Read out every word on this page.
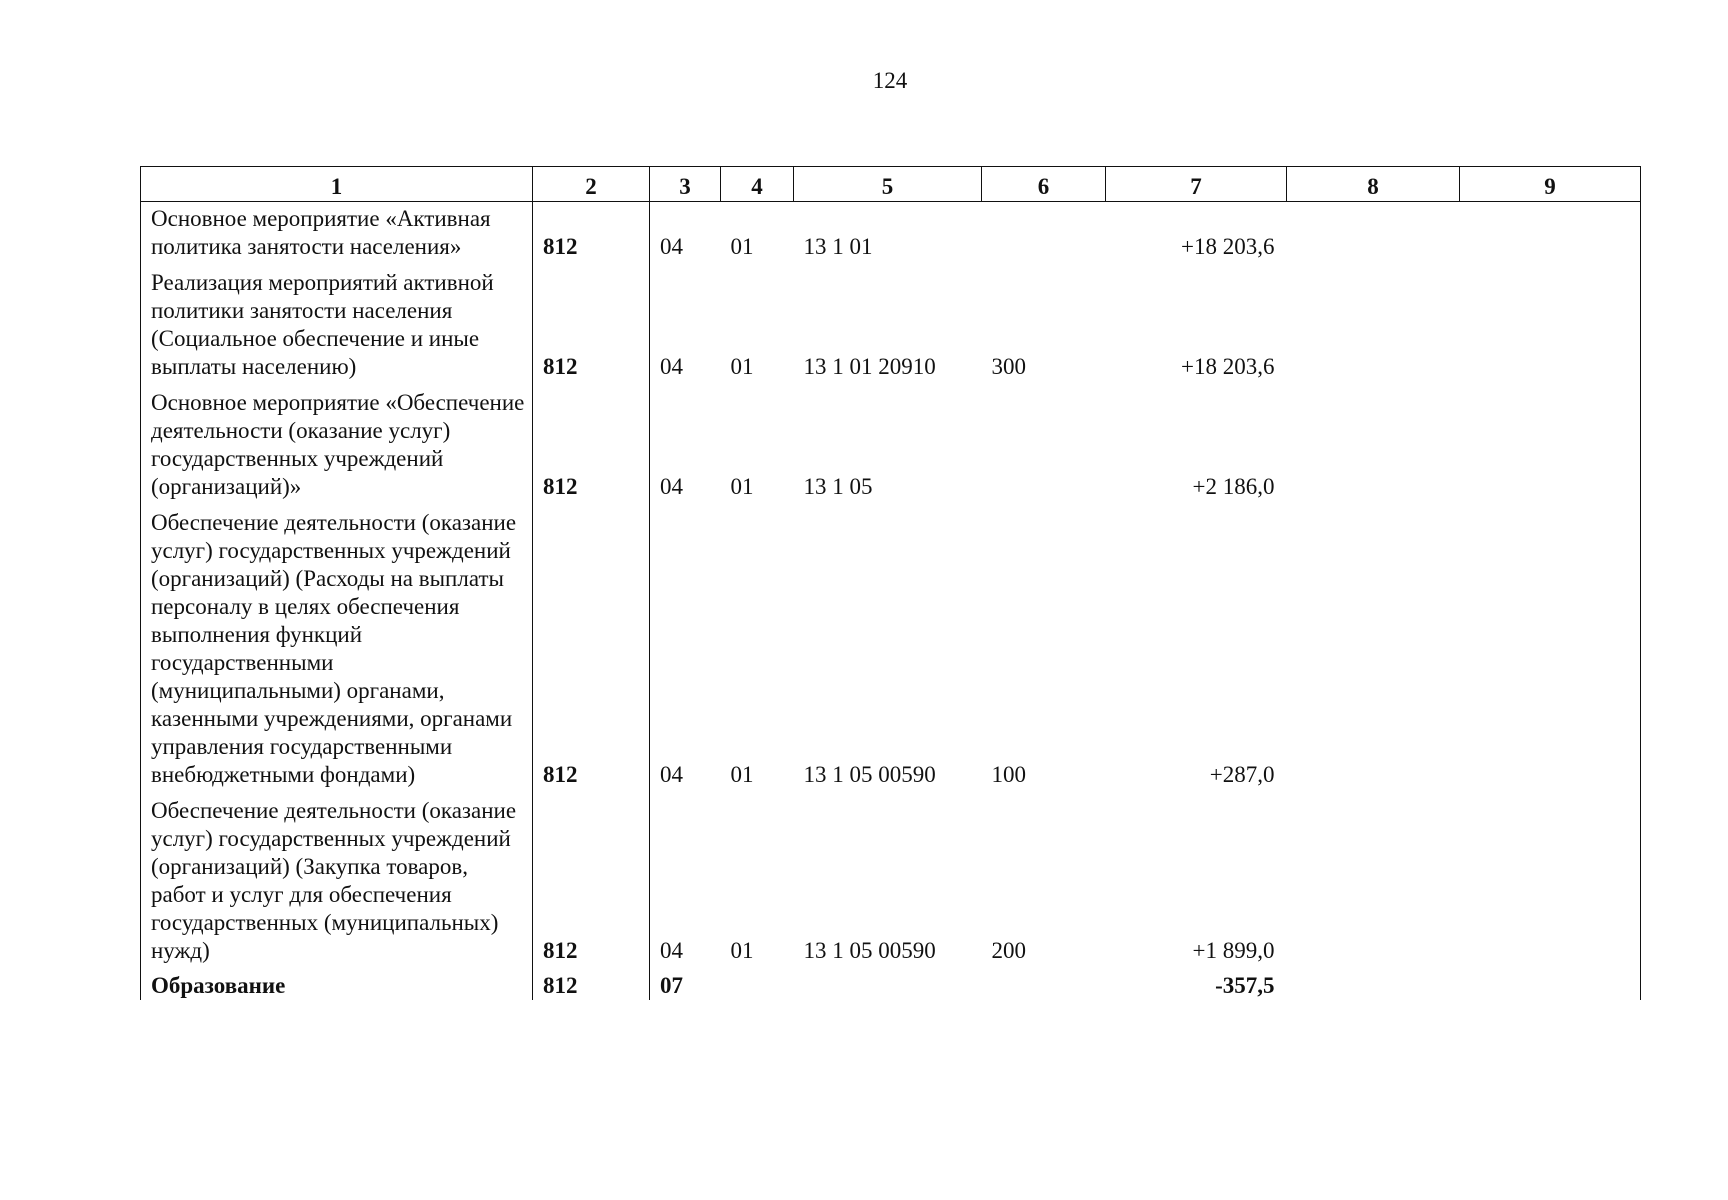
124
1	2	3	4	5	6	7	8	9
Основное мероприятие «Активная политика занятости населения»	812	04	01	13 1 01		+18 203,6		
Реализация мероприятий активной политики занятости населения (Социальное обеспечение и иные выплаты населению)	812	04	01	13 1 01 20910	300	+18 203,6		
Основное мероприятие «Обеспечение деятельности (оказание услуг) государственных учреждений (организаций)»	812	04	01	13 1 05		+2 186,0		
Обеспечение деятельности (оказание услуг) государственных учреждений (организаций) (Расходы на выплаты персоналу в целях обеспечения выполнения функций государственными (муниципальными) органами, казенными учреждениями, органами управления государственными внебюджетными фондами)	812	04	01	13 1 05 00590	100	+287,0		
Обеспечение деятельности (оказание услуг) государственных учреждений (организаций) (Закупка товаров, работ и услуг для обеспечения государственных (муниципальных) нужд)	812	04	01	13 1 05 00590	200	+1 899,0		
Образование	812	07				-357,5		
